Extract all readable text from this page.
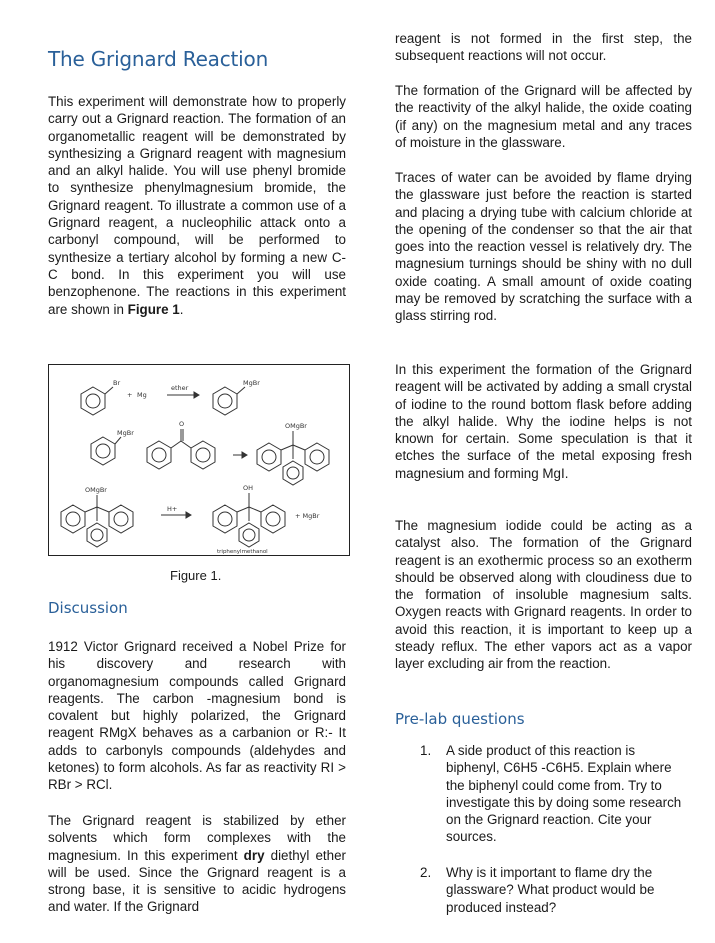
The Grignard Reaction

This experiment will demonstrate how to properly carry out a Grignard reaction. The formation of an organometallic reagent will be demonstrated by synthesizing a Grignard reagent with magnesium and an alkyl halide. You will use phenyl bromide to synthesize phenylmagnesium bromide, the Grignard reagent. To illustrate a common use of a Grignard reagent, a nucleophilic attack onto a carbonyl compound, will be performed to synthesize a tertiary alcohol by forming a new C-C bond. In this experiment you will use benzophenone. The reactions in this experiment are shown in Figure 1.

Br
+ Mg
ether
MgBr
MgBr
O	OMgBr
OMgBr
H+
OH
+ MgBr
triphenylmethanol
Figure 1.
Discussion

1912 Victor Grignard received a Nobel Prize for his discovery and research with organomagnesium compounds called Grignard reagents. The carbon -magnesium bond is covalent but highly polarized, the Grignard reagent RMgX behaves as a carbanion or R:- It adds to carbonyls compounds (aldehydes and ketones) to form alcohols. As far as reactivity RI > RBr > RCl.

The Grignard reagent is stabilized by ether solvents which form complexes with the magnesium. In this experiment dry diethyl ether will be used. Since the Grignard reagent is a strong base, it is sensitive to acidic hydrogens and water. If the Grignard

reagent is not formed in the first step, the subsequent reactions will not occur.

The formation of the Grignard will be affected by the reactivity of the alkyl halide, the oxide coating (if any) on the magnesium metal and any traces of moisture in the glassware.

Traces of water can be avoided by flame drying the glassware just before the reaction is started and placing a drying tube with calcium chloride at the opening of the condenser so that the air that goes into the reaction vessel is relatively dry. The magnesium turnings should be shiny with no dull oxide coating. A small amount of oxide coating may be removed by scratching the surface with a glass stirring rod.

In this experiment the formation of the Grignard reagent will be activated by adding a small crystal of iodine to the round bottom flask before adding the alkyl halide. Why the iodine helps is not known for certain. Some speculation is that it etches the surface of the metal exposing fresh magnesium and forming MgI.

The magnesium iodide could be acting as a catalyst also. The formation of the Grignard reagent is an exothermic process so an exotherm should be observed along with cloudiness due to the formation of insoluble magnesium salts. Oxygen reacts with Grignard reagents. In order to avoid this reaction, it is important to keep up a steady reflux. The ether vapors act as a vapor layer excluding air from the reaction.

Pre-lab questions
1. A side product of this reaction is biphenyl, C6H5 -C6H5. Explain where the biphenyl could come from. Try to investigate this by doing some research on the Grignard reaction. Cite your sources.
2. Why is it important to flame dry the glassware? What product would be produced instead?
